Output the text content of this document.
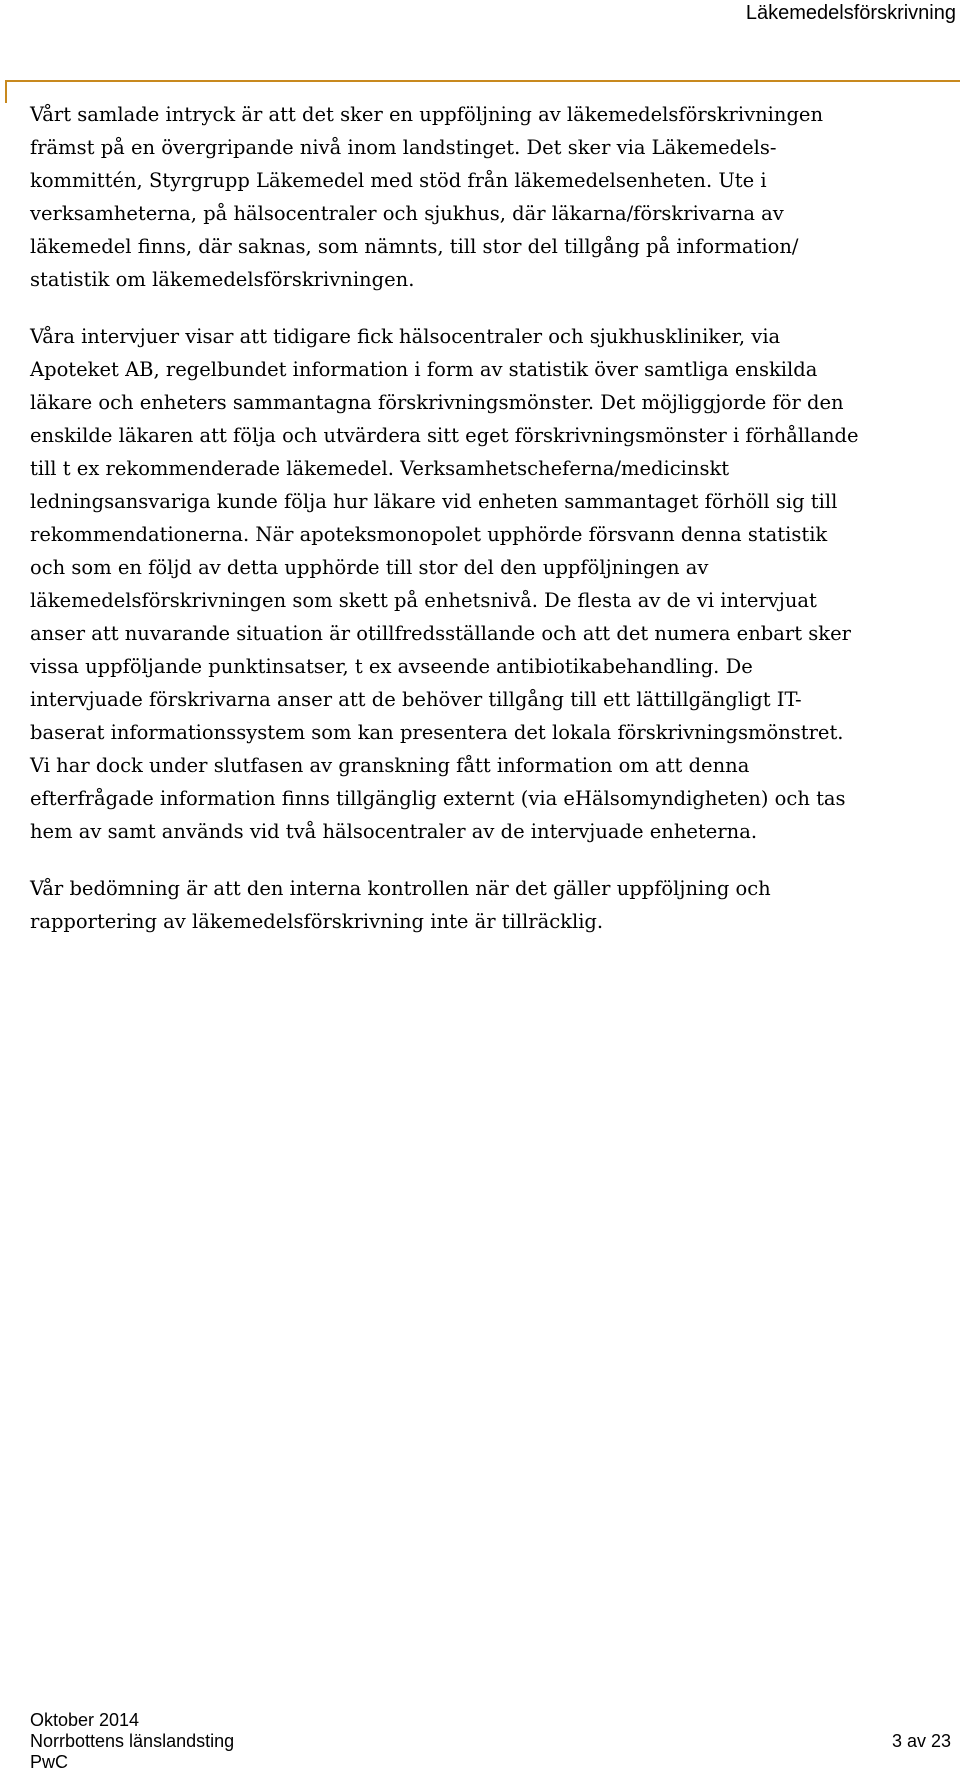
Läkemedelsförskrivning

Vårt samlade intryck är att det sker en uppföljning av läkemedelsförskrivningen
främst på en övergripande nivå inom landstinget. Det sker via Läkemedels-
kommittén, Styrgrupp Läkemedel med stöd från läkemedelsenheten. Ute i
verksamheterna, på hälsocentraler och sjukhus, där läkarna/förskrivarna av
läkemedel finns, där saknas, som nämnts, till stor del tillgång på information/
statistik om läkemedelsförskrivningen.

Våra intervjuer visar att tidigare fick hälsocentraler och sjukhuskliniker, via
Apoteket AB, regelbundet information i form av statistik över samtliga enskilda
läkare och enheters sammantagna förskrivningsmönster. Det möjliggjorde för den
enskilde läkaren att följa och utvärdera sitt eget förskrivningsmönster i förhållande
till t ex rekommenderade läkemedel. Verksamhetscheferna/medicinskt
ledningsansvariga kunde följa hur läkare vid enheten sammantaget förhöll sig till
rekommendationerna. När apoteksmonopolet upphörde försvann denna statistik
och som en följd av detta upphörde till stor del den uppföljningen av
läkemedelsförskrivningen som skett på enhetsnivå. De flesta av de vi intervjuat
anser att nuvarande situation är otillfredsställande och att det numera enbart sker
vissa uppföljande punktinsatser, t ex avseende antibiotikabehandling. De
intervjuade förskrivarna anser att de behöver tillgång till ett lättillgängligt IT-
baserat informationssystem som kan presentera det lokala förskrivningsmönstret.
Vi har dock under slutfasen av granskning fått information om att denna
efterfrågade information finns tillgänglig externt (via eHälsomyndigheten) och tas
hem av samt används vid två hälsocentraler av de intervjuade enheterna.

Vår bedömning är att den interna kontrollen när det gäller uppföljning och
rapportering av läkemedelsförskrivning inte är tillräcklig.

Oktober 2014
Norrbottens länslandsting
PwC
3 av 23
